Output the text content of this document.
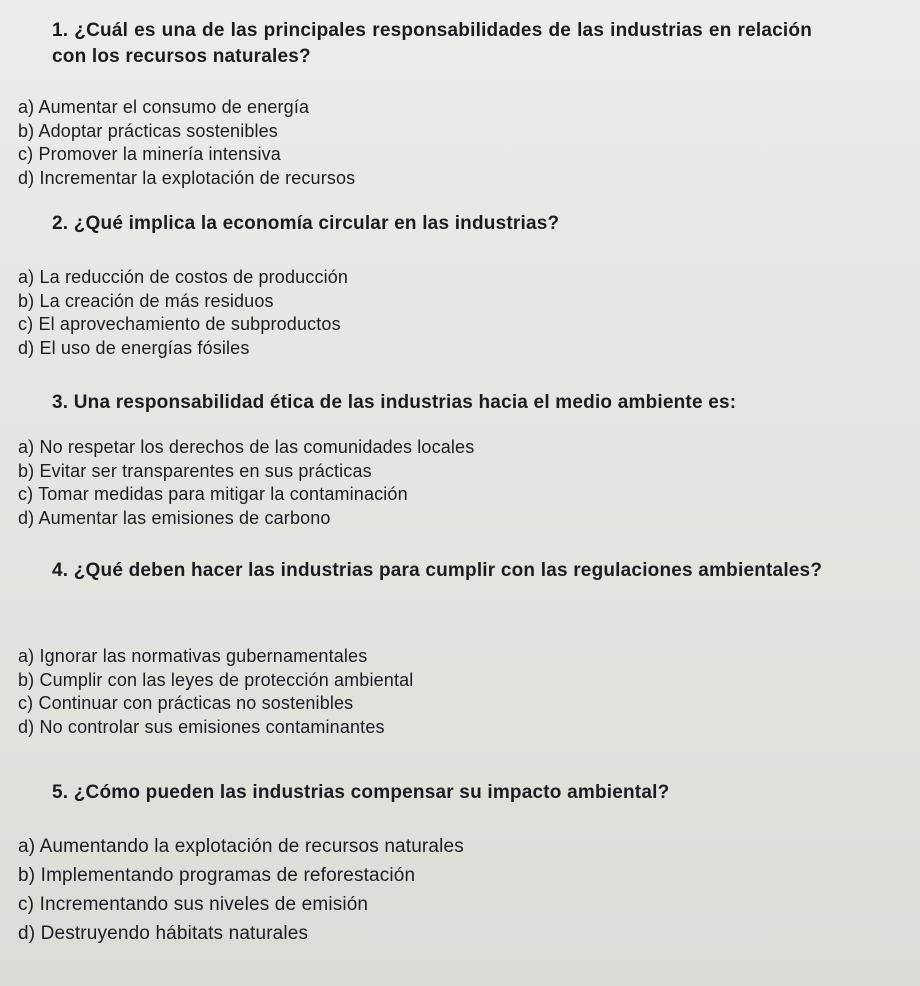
1. ¿Cuál es una de las principales responsabilidades de las industrias en relación con los recursos naturales?
a) Aumentar el consumo de energía
b) Adoptar prácticas sostenibles
c) Promover la minería intensiva
d) Incrementar la explotación de recursos
2. ¿Qué implica la economía circular en las industrias?
a) La reducción de costos de producción
b) La creación de más residuos
c) El aprovechamiento de subproductos
d) El uso de energías fósiles
3. Una responsabilidad ética de las industrias hacia el medio ambiente es:
a) No respetar los derechos de las comunidades locales
b) Evitar ser transparentes en sus prácticas
c) Tomar medidas para mitigar la contaminación
d) Aumentar las emisiones de carbono
4. ¿Qué deben hacer las industrias para cumplir con las regulaciones ambientales?
a) Ignorar las normativas gubernamentales
b) Cumplir con las leyes de protección ambiental
c) Continuar con prácticas no sostenibles
d) No controlar sus emisiones contaminantes
5. ¿Cómo pueden las industrias compensar su impacto ambiental?
a) Aumentando la explotación de recursos naturales
b) Implementando programas de reforestación
c) Incrementando sus niveles de emisión
d) Destruyendo hábitats naturales
